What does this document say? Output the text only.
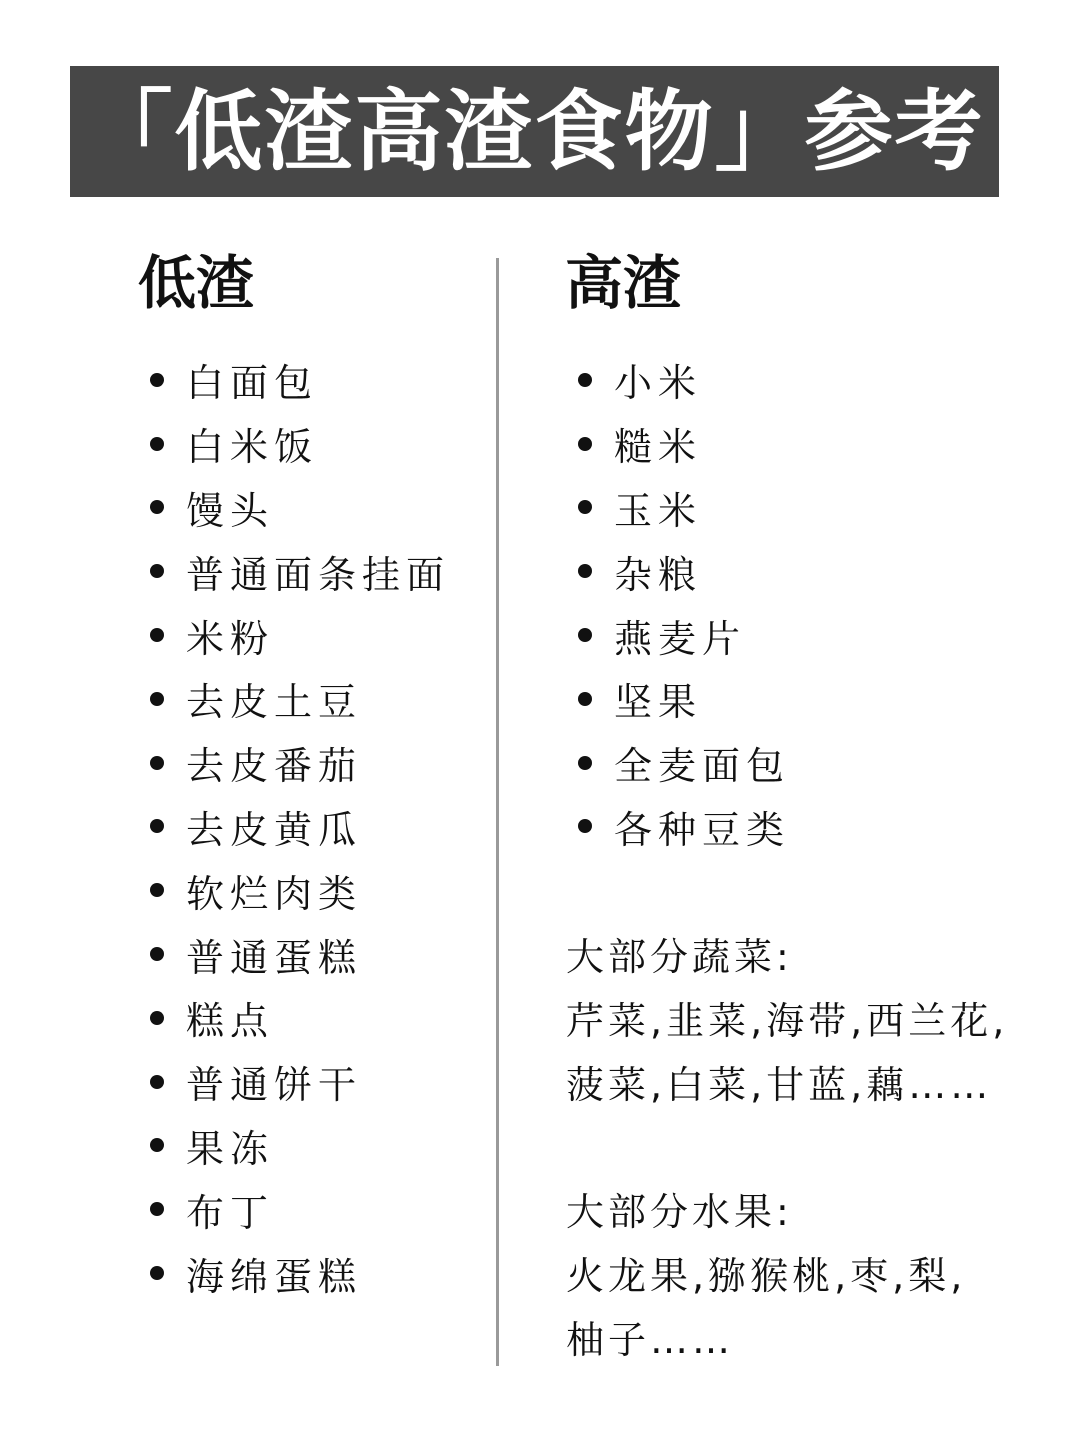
「低渣高渣食物」参考
低渣	高渣
白面包
白米饭
馒头
普通面条挂面
米粉
去皮土豆
去皮番茄
去皮黄瓜
软烂肉类
普通蛋糕
糕点
普通饼干
果冻
布丁
海绵蛋糕
小米
糙米
玉米
杂粮
燕麦片
坚果
全麦面包
各种豆类
大部分蔬菜:
芹菜,韭菜,海带,西兰花,
菠菜,白菜,甘蓝,藕……
大部分水果:
火龙果,猕猴桃,枣,梨,
柚子……
